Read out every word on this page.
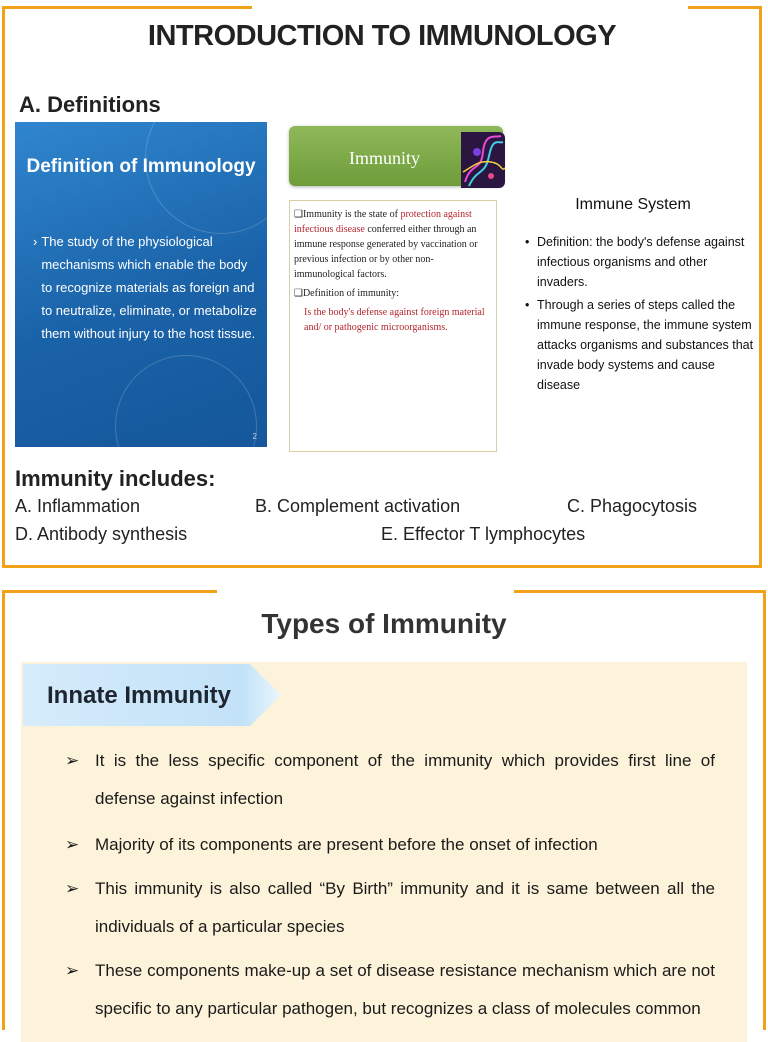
INTRODUCTION TO IMMUNOLOGY
A. Definitions
Definition of Immunology
› The study of the physiological mechanisms which enable the body to recognize materials as foreign and to neutralize, eliminate, or metabolize them without injury to the host tissue.
2
Immunity

❑Immunity is the state of protection against infectious disease conferred either through an immune response generated by vaccination or previous infection or by other non-immunological factors.

❑Definition of immunity:

Is the body's defense against foreign material and/ or pathogenic microorganisms.

Immune System
• Definition: the body's defense against infectious organisms and other invaders.
• Through a series of steps called the immune response, the immune system attacks organisms and substances that invade body systems and cause disease
Immunity includes:
A. Inflammation	B. Complement activation	C. Phagocytosis
D. Antibody synthesis	E. Effector T lymphocytes
Types of Immunity
Innate Immunity
➢ It is the less specific component of the immunity which provides first line of defense against infection
➢ Majority of its components are present before the onset of infection
➢ This immunity is also called “By Birth” immunity and it is same between all the individuals of a particular species
➢ These components make-up a set of disease resistance mechanism which are not specific to any particular pathogen, but recognizes a class of molecules common
